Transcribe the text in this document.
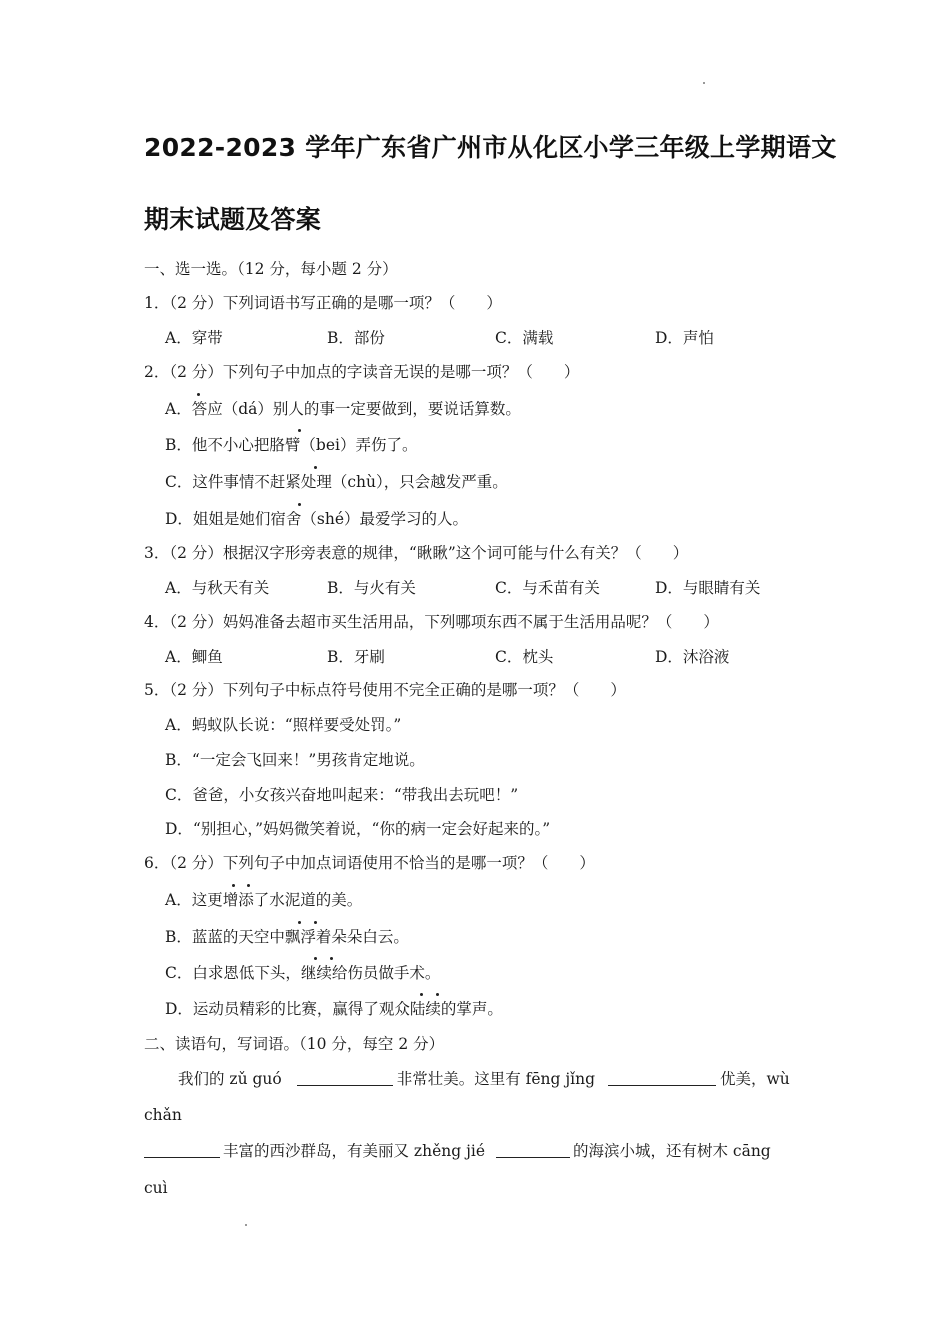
2022-2023 学年广东省广州市从化区小学三年级上学期语文
期末试题及答案
一、选一选。（12 分，每小题 2 分）
1．（2 分）下列词语书写正确的是哪一项？（　　）
A．穿带	B．部份	C．满载	D．声怕
2．（2 分）下列句子中加点的字读音无误的是哪一项？（　　）
A．答应（dá）别人的事一定要做到，要说话算数。
B．他不小心把胳臂（bei）弄伤了。
C．这件事情不赶紧处理（chù），只会越发严重。
D．姐姐是她们宿舍（shé）最爱学习的人。
3．（2 分）根据汉字形旁表意的规律，“瞅瞅”这个词可能与什么有关？（　　）
A．与秋天有关	B．与火有关	C．与禾苗有关	D．与眼睛有关
4．（2 分）妈妈准备去超市买生活用品，下列哪项东西不属于生活用品呢？（　　）
A．鲫鱼	B．牙刷	C．枕头	D．沐浴液
5．（2 分）下列句子中标点符号使用不完全正确的是哪一项？（　　）
A．蚂蚁队长说：“照样要受处罚。”
B．“一定会飞回来！”男孩肯定地说。
C．爸爸，小女孩兴奋地叫起来：“带我出去玩吧！”
D．“别担心，”妈妈微笑着说，“你的病一定会好起来的。”
6．（2 分）下列句子中加点词语使用不恰当的是哪一项？（　　）
A．这更增添了水泥道的美。
B．蓝蓝的天空中飘浮着朵朵白云。
C．白求恩低下头，继续给伤员做手术。
D．运动员精彩的比赛，赢得了观众陆续的掌声。
二、读语句，写词语。（10 分，每空 2 分）
我们的 zǔ guó	非常壮美。这里有 fēng jǐng	优美，wù
chǎn
丰富的西沙群岛，有美丽又 zhěng jié	的海滨小城，还有树木 cāng
cuì
